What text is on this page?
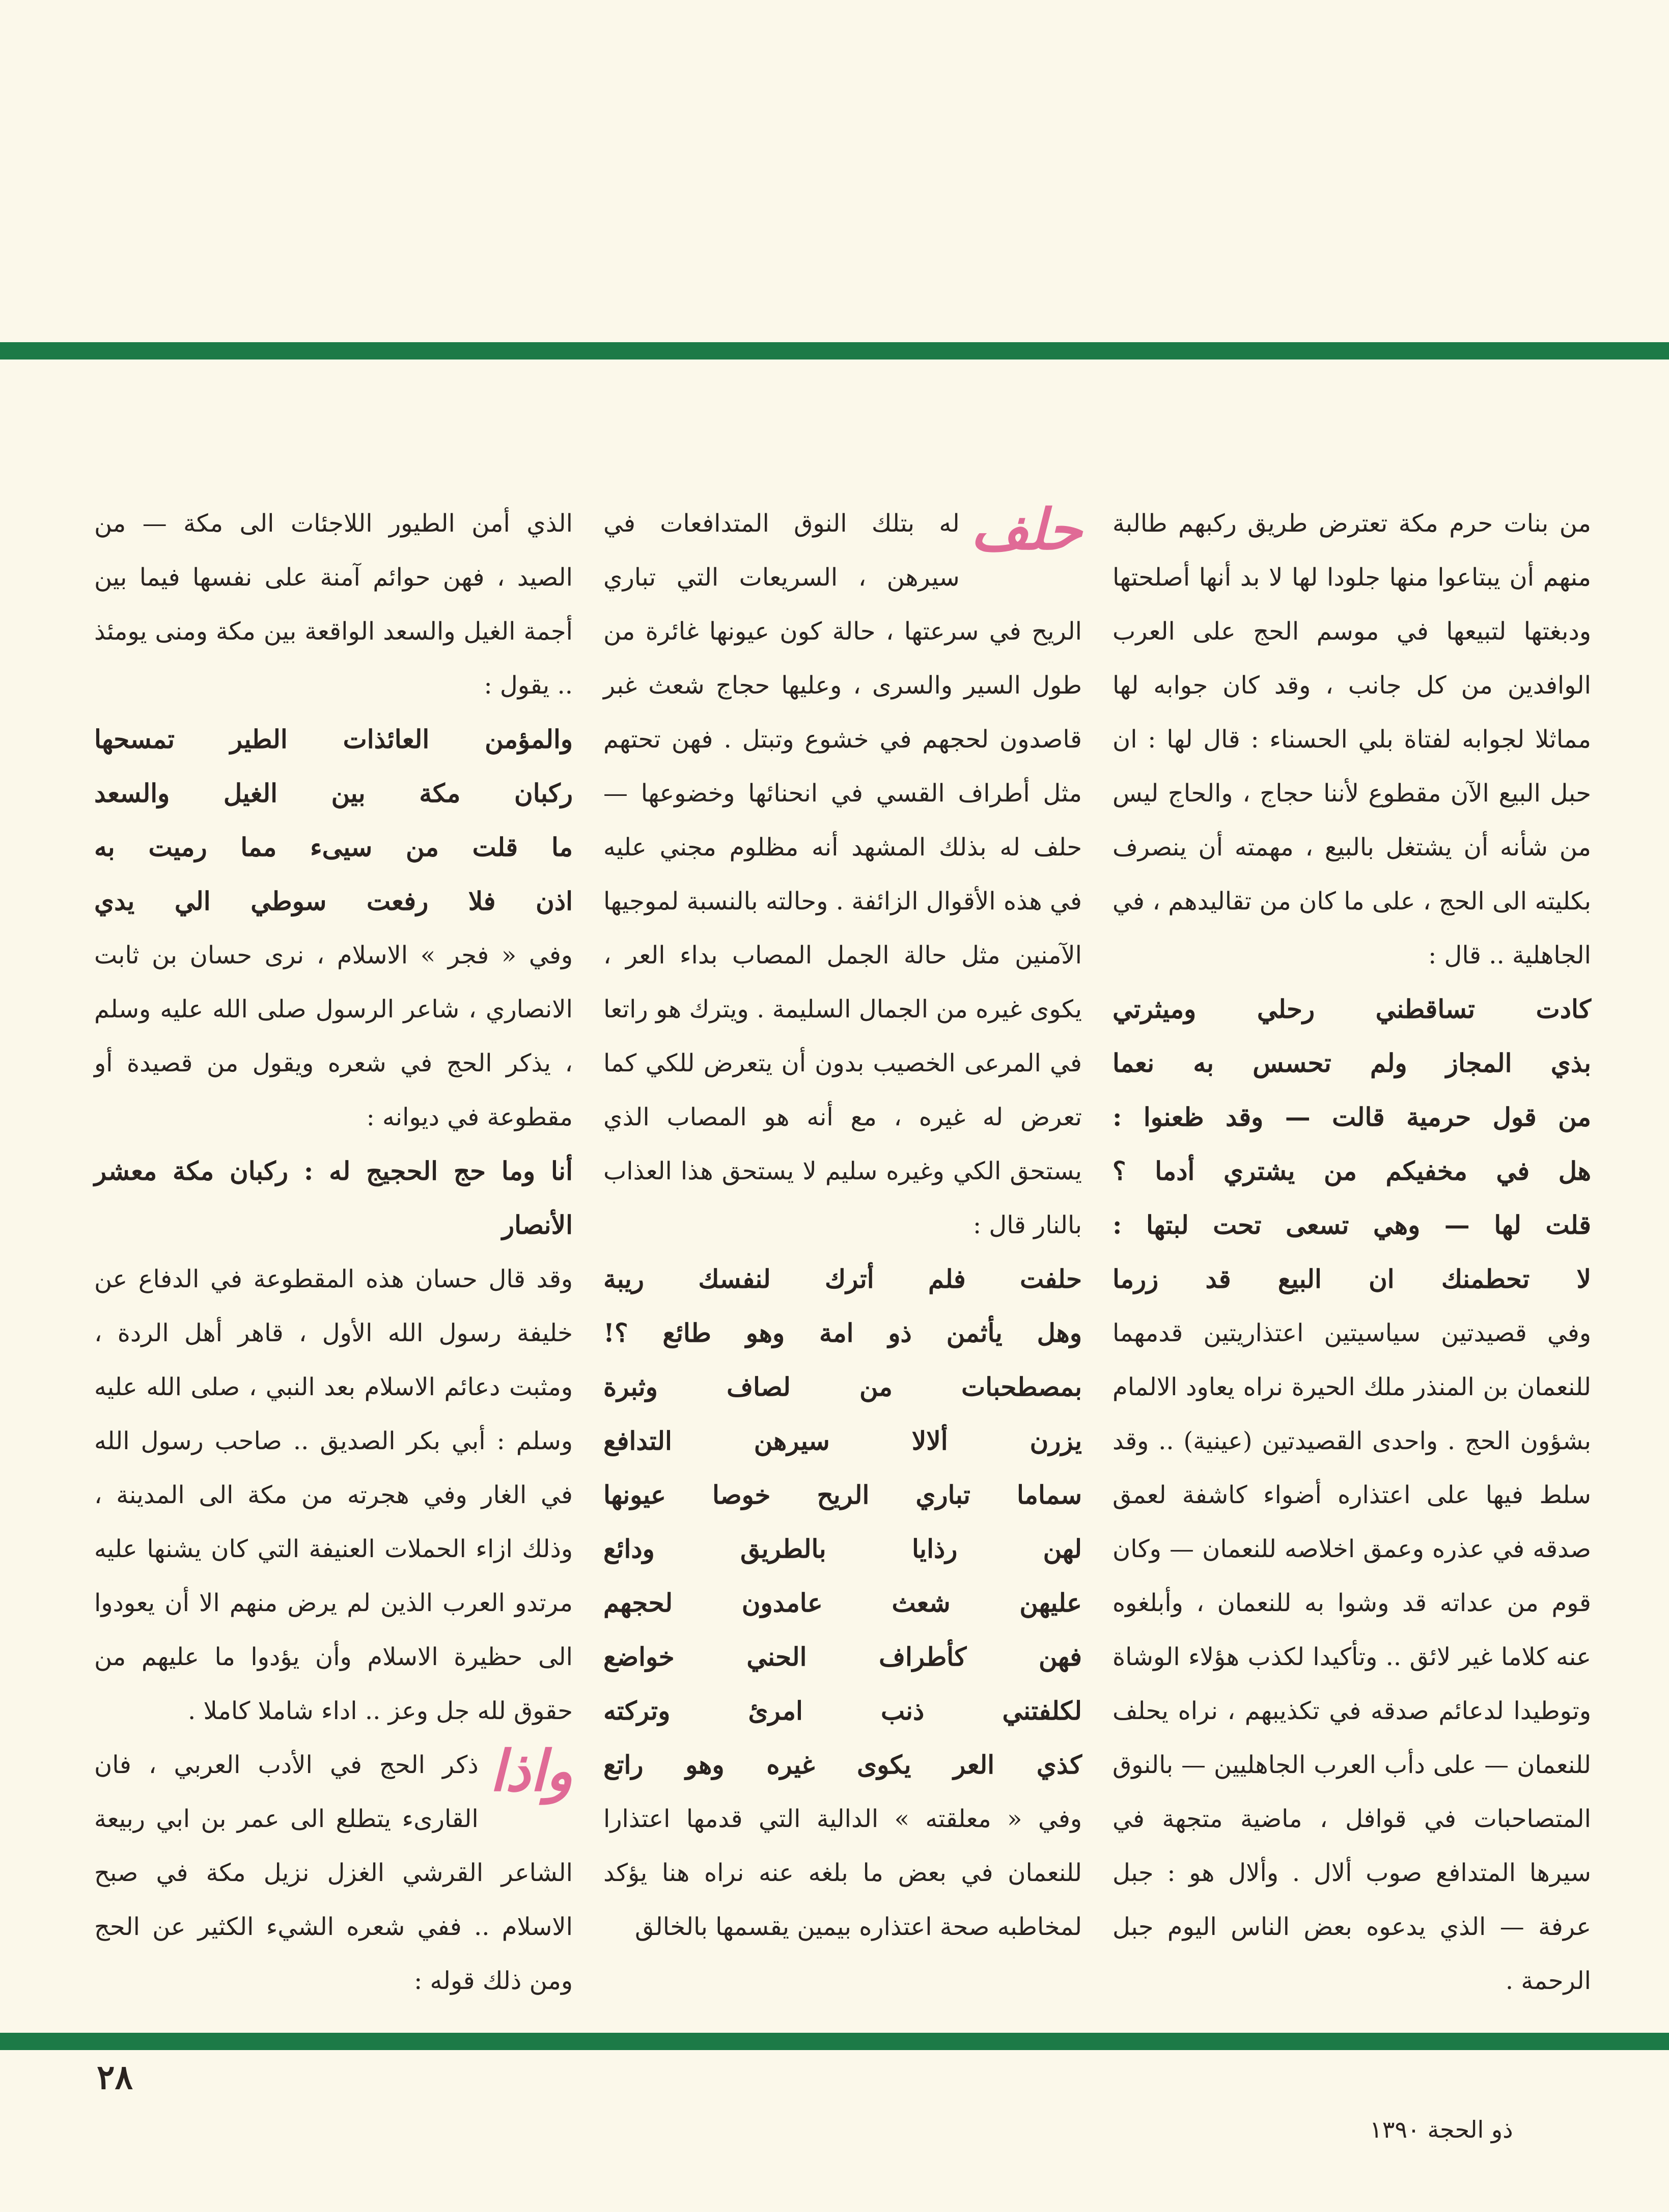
من بنات حرم مكة تعترض طريق ركبهم طالبة منهم أن يبتاعوا منها جلودا لها لا بد أنها أصلحتها ودبغتها لتبيعها في موسم الحج على العرب الوافدين من كل جانب ، وقد كان جوابه لها مماثلا لجوابه لفتاة بلي الحسناء : قال لها : ان حبل البيع الآن مقطوع لأننا حجاج ، والحاج ليس من شأنه أن يشتغل بالبيع ، مهمته أن ينصرف بكليته الى الحج ، على ما كان من تقاليدهم ، في الجاهلية .. قال :

كادت تساقطني رحلي وميثرتي

بذي المجاز ولم تحسس به نعما

من قول حرمية قالت — وقد ظعنوا :

هل في مخفيكم من يشتري أدما ؟

قلت لها — وهي تسعى تحت لبتها :

لا تحطمنك ان البيع قد زرما

وفي قصيدتين سياسيتين اعتذاريتين قدمهما للنعمان بن المنذر ملك الحيرة نراه يعاود الالمام بشؤون الحج . واحدى القصيدتين (عينية) .. وقد سلط فيها على اعتذاره أضواء كاشفة لعمق صدقه في عذره وعمق اخلاصه للنعمان — وكان قوم من عداته قد وشوا به للنعمان ، وأبلغوه عنه كلاما غير لائق .. وتأكيدا لكذب هؤلاء الوشاة وتوطيدا لدعائم صدقه في تكذيبهم ، نراه يحلف للنعمان — على دأب العرب الجاهليين — بالنوق المتصاحبات في قوافل ، ماضية متجهة في سيرها المتدافع صوب ألال . وألال هو : جبل عرفة — الذي يدعوه بعض الناس اليوم جبل الرحمة .

حلف
له بتلك النوق المتدافعات في سيرهن ، السريعات التي تباري الريح في سرعتها ، حالة كون عيونها غائرة من طول السير والسرى ، وعليها حجاج شعث غبر قاصدون لحجهم في خشوع وتبتل . فهن تحتهم مثل أطراف القسي في انحنائها وخضوعها — حلف له بذلك المشهد أنه مظلوم مجني عليه في هذه الأقوال الزائفة . وحالته بالنسبة لموجيها الآمنين مثل حالة الجمل المصاب بداء العر ، يكوى غيره من الجمال السليمة . ويترك هو راتعا في المرعى الخصيب بدون أن يتعرض للكي كما تعرض له غيره ، مع أنه هو المصاب الذي يستحق الكي وغيره سليم لا يستحق هذا العذاب بالنار قال :

حلفت فلم أترك لنفسك ريبة

وهل يأثمن ذو امة وهو طائع ؟!

بمصطحبات من لصاف وثبرة

يزرن ألالا سيرهن التدافع

سماما تباري الريح خوصا عيونها

لهن رذايا بالطريق ودائع

عليهن شعث عامدون لحجهم

فهن كأطراف الحني خواضع

لكلفتني ذنب امرئ وتركته

كذي العر يكوى غيره وهو راتع

وفي « معلقته » الدالية التي قدمها اعتذارا للنعمان في بعض ما بلغه عنه نراه هنا يؤكد لمخاطبه صحة اعتذاره بيمين يقسمها بالخالق

الذي أمن الطيور اللاجئات الى مكة — من الصيد ، فهن حوائم آمنة على نفسها فيما بين أجمة الغيل والسعد الواقعة بين مكة ومنى يومئذ .. يقول :

والمؤمن العائذات الطير تمسحها

ركبان مكة بين الغيل والسعد

ما قلت من سيىء مما رميت به

اذن فلا رفعت سوطي الي يدي

وفي « فجر » الاسلام ، نرى حسان بن ثابت الانصاري ، شاعر الرسول صلى الله عليه وسلم ، يذكر الحج في شعره ويقول من قصيدة أو مقطوعة في ديوانه :

أنا وما حج الحجيج له : ركبان مكة معشر الأنصار

وقد قال حسان هذه المقطوعة في الدفاع عن خليفة رسول الله الأول ، قاهر أهل الردة ، ومثبت دعائم الاسلام بعد النبي ، صلى الله عليه وسلم : أبي بكر الصديق .. صاحب رسول الله في الغار وفي هجرته من مكة الى المدينة ، وذلك ازاء الحملات العنيفة التي كان يشنها عليه مرتدو العرب الذين لم يرض منهم الا أن يعودوا الى حظيرة الاسلام وأن يؤدوا ما عليهم من حقوق لله جل وعز .. اداء شاملا كاملا .

واذا
ذكر الحج في الأدب العربي ، فان القارىء يتطلع الى عمر بن ابي ربيعة الشاعر القرشي الغزل نزيل مكة في صبح الاسلام .. ففي شعره الشيء الكثير عن الحج ومن ذلك قوله :

٢٨
ذو الحجة ١٣٩٠
